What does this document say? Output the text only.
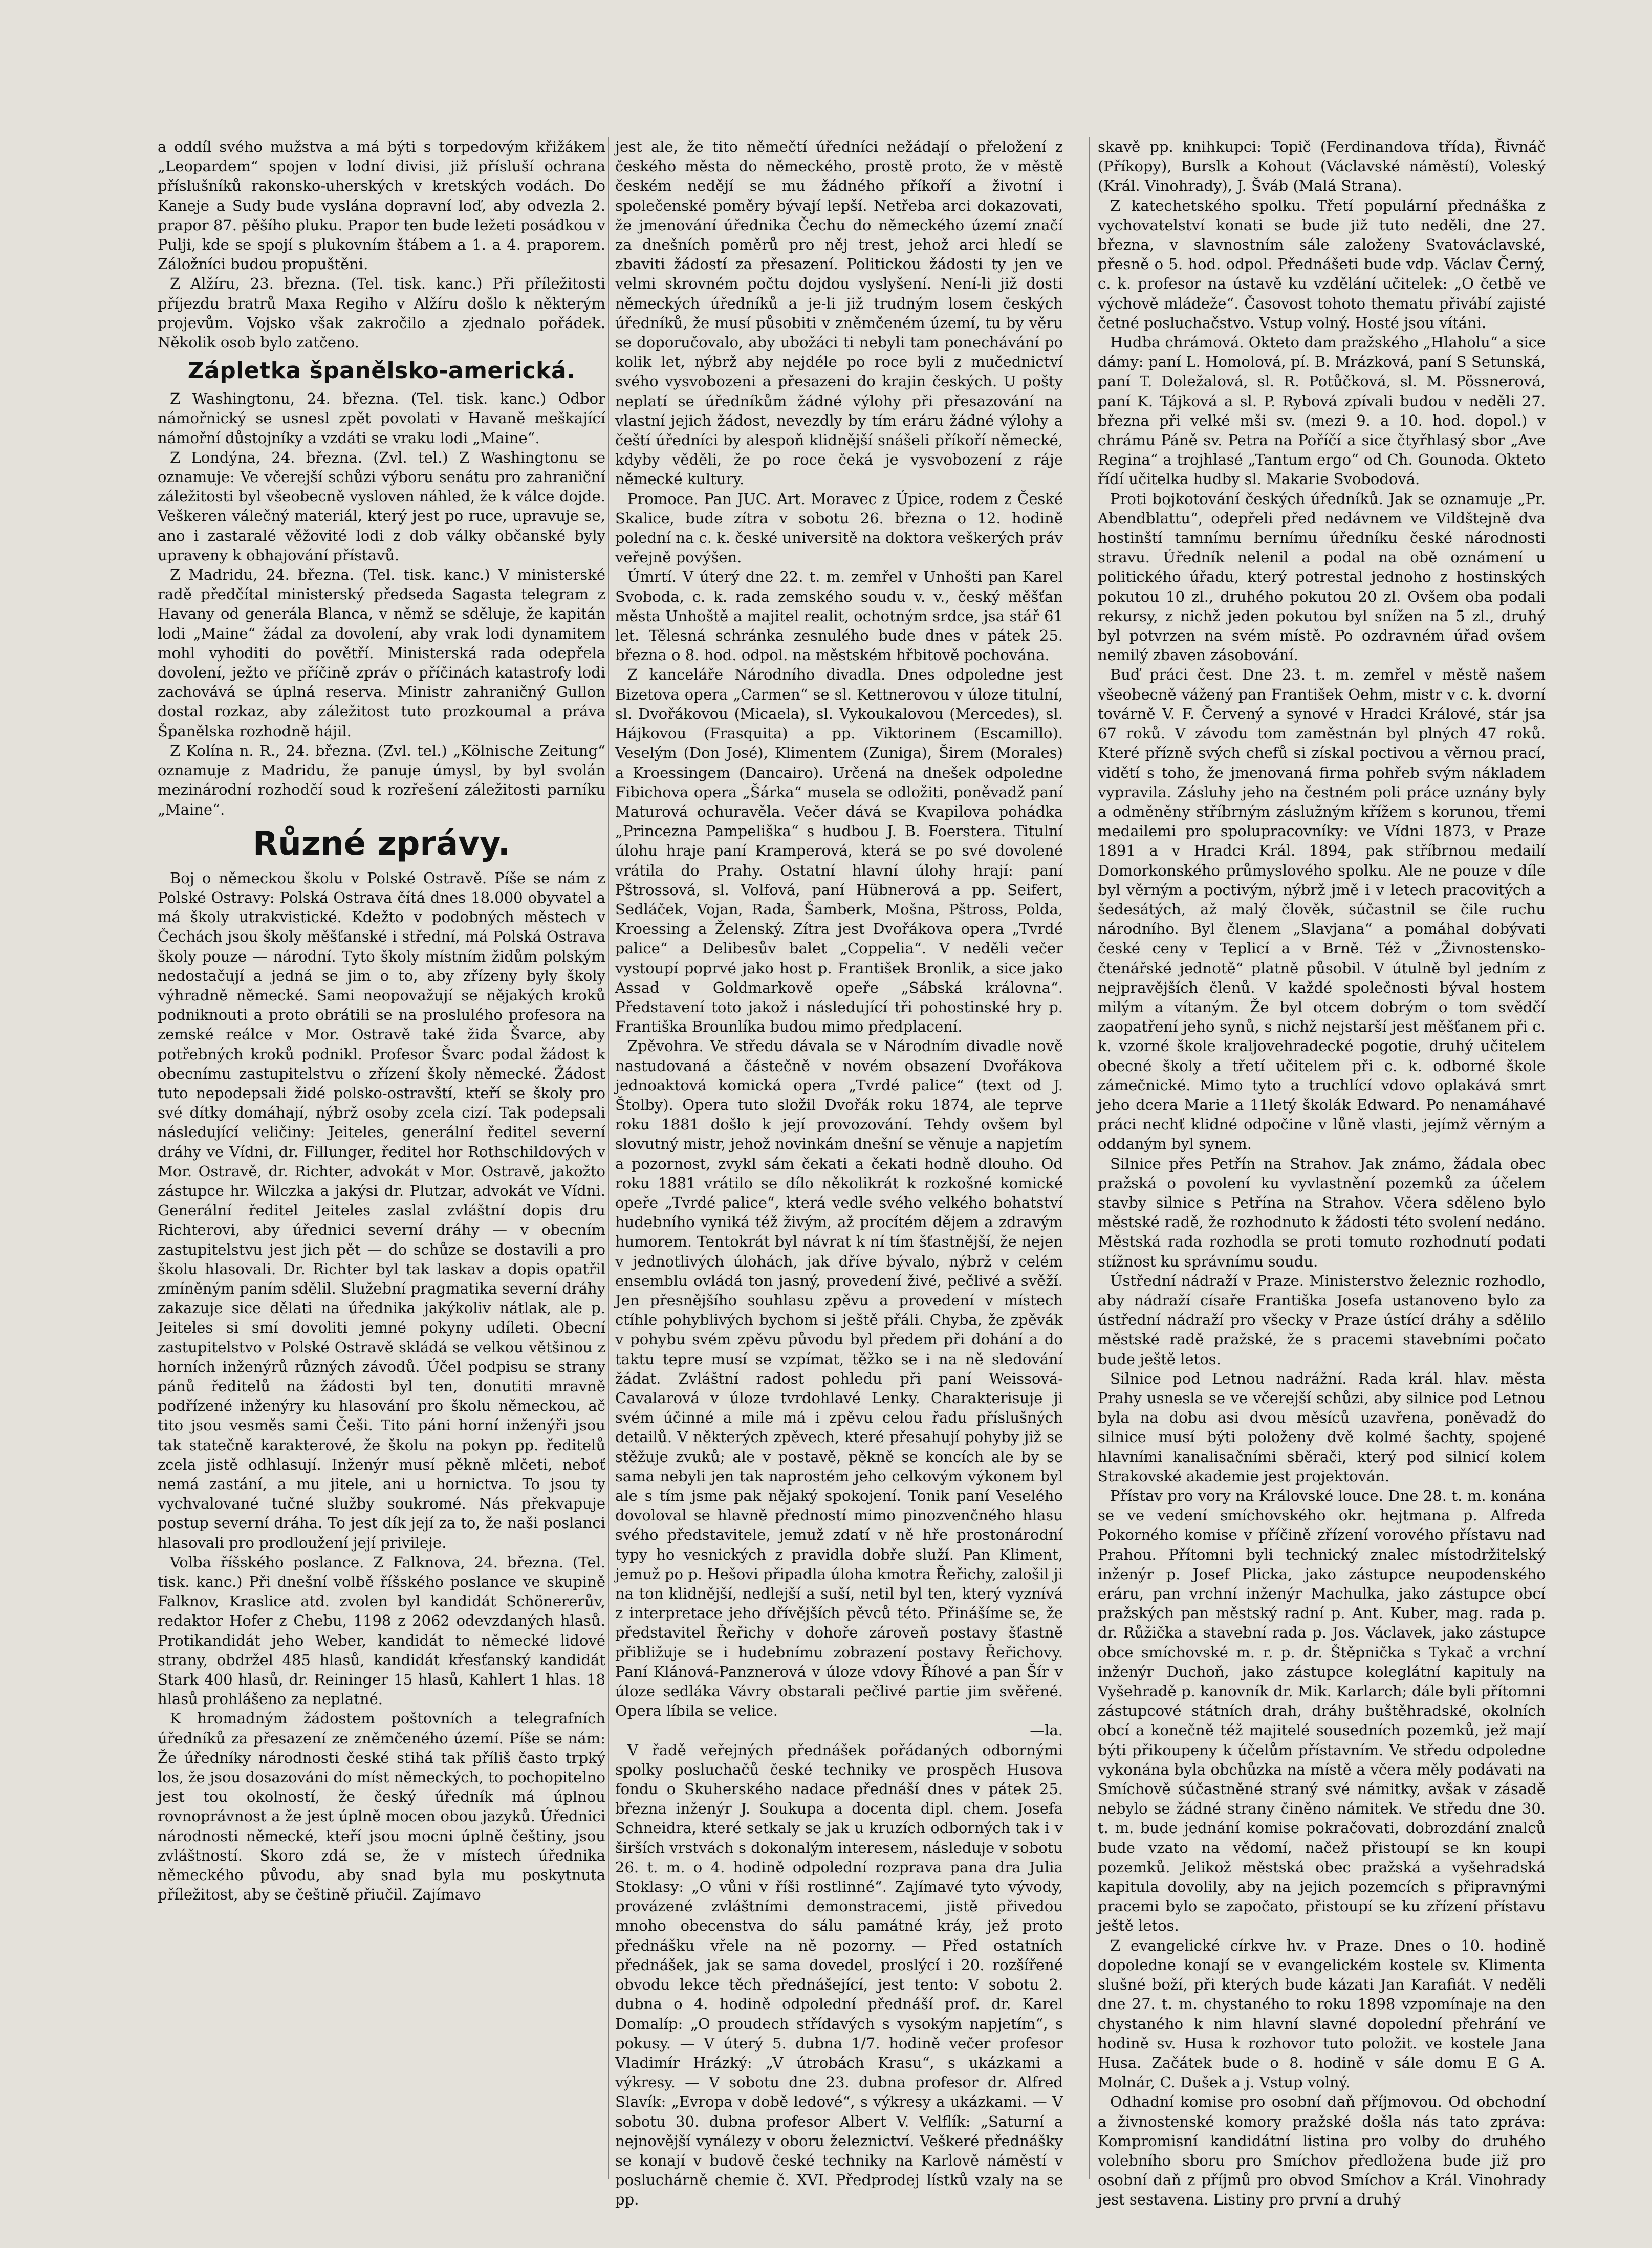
a oddíl svého mužstva a má býti s torpedovým křižákem „Leopardem“ spojen v lodní divisi, již přísluší ochrana příslušníků rakonsko-uherských v kretských vodách. Do Kaneje a Sudy bude vyslána dopravní loď, aby odvezla 2. prapor 87. pěšího pluku. Prapor ten bude ležeti posádkou v Pulji, kde se spojí s plukovním štábem a 1. a 4. praporem. Záložníci budou propuštěni.

Z Alžíru, 23. března. (Tel. tisk. kanc.) Při příležitosti příjezdu bratrů Maxa Regiho v Alžíru došlo k některým projevům. Vojsko však zakročilo a zjednalo pořádek. Několik osob bylo zatčeno.

Zápletka španělsko-americká.

Z Washingtonu, 24. března. (Tel. tisk. kanc.) Odbor námořnický se usnesl zpět povolati v Havaně meškající námořní důstojníky a vzdáti se vraku lodi „Maine“.

Z Londýna, 24. března. (Zvl. tel.) Z Washingtonu se oznamuje: Ve včerejší schůzi výboru senátu pro zahraniční záležitosti byl všeobecně vysloven náhled, že k válce dojde. Veškeren válečný materiál, který jest po ruce, upravuje se, ano i zastaralé věžovité lodi z dob války občanské byly upraveny k obhajování přístavů.

Z Madridu, 24. března. (Tel. tisk. kanc.) V ministerské radě předčítal ministerský předseda Sagasta telegram z Havany od generála Blanca, v němž se sděluje, že kapitán lodi „Maine“ žádal za dovolení, aby vrak lodi dynamitem mohl vyhoditi do povětří. Ministerská rada odepřela dovolení, ježto ve příčině zpráv o příčinách katastrofy lodi zachovává se úplná reserva. Ministr zahraničný Gullon dostal rozkaz, aby záležitost tuto prozkoumal a práva Španělska rozhodně hájil.

Z Kolína n. R., 24. března. (Zvl. tel.) „Kölnische Zeitung“ oznamuje z Madridu, že panuje úmysl, by byl svolán mezinárodní rozhodčí soud k rozřešení záležitosti parníku „Maine“.

Různé zprávy.

Boj o německou školu v Polské Ostravě. Píše se nám z Polské Ostravy: Polská Ostrava čítá dnes 18.000 obyvatel a má školy utrakvistické. Kdežto v podobných městech v Čechách jsou školy měšťanské i střední, má Polská Ostrava školy pouze — národní. Tyto školy místním židům polským nedostačují a jedná se jim o to, aby zřízeny byly školy výhradně německé. Sami neopovažují se nějakých kroků podniknouti a proto obrátili se na proslulého profesora na zemské reálce v Mor. Ostravě také žida Švarce, aby potřebných kroků podnikl. Profesor Švarc podal žádost k obecnímu zastupitelstvu o zřízení školy německé. Žádost tuto nepodepsali židé polsko-ostravští, kteří se školy pro své dítky domáhají, nýbrž osoby zcela cizí. Tak podepsali následující veličiny: Jeiteles, generální ředitel severní dráhy ve Vídni, dr. Fillunger, ředitel hor Rothschildových v Mor. Ostravě, dr. Richter, advokát v Mor. Ostravě, jakožto zástupce hr. Wilczka a jakýsi dr. Plutzar, advokát ve Vídni. Generální ředitel Jeiteles zaslal zvláštní dopis dru Richterovi, aby úřednici severní dráhy — v obecním zastupitelstvu jest jich pět — do schůze se dostavili a pro školu hlasovali. Dr. Richter byl tak laskav a dopis opatřil zmíněným paním sdělil. Služební pragmatika severní dráhy zakazuje sice dělati na úřednika jakýkoliv nátlak, ale p. Jeiteles si smí dovoliti jemné pokyny udíleti. Obecní zastupitelstvo v Polské Ostravě skládá se velkou většinou z horních inženýrů různých závodů. Účel podpisu se strany pánů ředitelů na žádosti byl ten, donutiti mravně podřízené inženýry ku hlasování pro školu německou, ač tito jsou vesměs sami Češi. Tito páni horní inženýři jsou tak statečně karakterové, že školu na pokyn pp. ředitelů zcela jistě odhlasují. Inženýr musí pěkně mlčeti, neboť nemá zastání, a mu jitele, ani u hornictva. To jsou ty vychvalované tučné služby soukromé. Nás překvapuje postup severní dráha. To jest dík její za to, že naši poslanci hlasovali pro prodloužení její privileje.

Volba říšského poslance. Z Falknova, 24. března. (Tel. tisk. kanc.) Při dnešní volbě říšského poslance ve skupině Falknov, Kraslice atd. zvolen byl kandidát Schönererův, redaktor Hofer z Chebu, 1198 z 2062 odevzdaných hlasů. Protikandidát jeho Weber, kandidát to německé lidové strany, obdržel 485 hlasů, kandidát křesťanský kandidát Stark 400 hlasů, dr. Reininger 15 hlasů, Kahlert 1 hlas. 18 hlasů prohlášeno za neplatné.

K hromadným žádostem poštovních a telegrafních úředníků za přesazení ze zněmčeného území. Píše se nám: Že úředníky národnosti české stihá tak příliš často trpký los, že jsou dosazováni do míst německých, to pochopitelno jest tou okolností, že český úředník má úplnou rovnoprávnost a že jest úplně mocen obou jazyků. Úřednici národnosti německé, kteří jsou mocni úplně češtiny, jsou zvláštností. Skoro zdá se, že v místech úřednika německého původu, aby snad byla mu poskytnuta příležitost, aby se češtině přiučil. Zajímavo

jest ale, že tito němečtí úředníci nežádají o přeložení z českého města do německého, prostě proto, že v městě českém nedějí se mu žádného příkoří a životní i společenské poměry bývají lepší. Netřeba arci dokazovati, že jmenování úřednika Čechu do německého území značí za dnešních poměrů pro něj trest, jehož arci hledí se zbaviti žádostí za přesazení. Politickou žádosti ty jen ve velmi skrovném počtu dojdou vyslyšení. Není-li již dosti německých úředníků a je-li již trudným losem českých úředníků, že musí působiti v zněmčeném území, tu by věru se doporučovalo, aby ubožáci ti nebyli tam ponechávání po kolik let, nýbrž aby nejdéle po roce byli z mučednictví svého vysvobozeni a přesazeni do krajin českých. U pošty neplatí se úředníkům žádné výlohy při přesazování na vlastní jejich žádost, nevezdly by tím eráru žádné výlohy a čeští úředníci by alespoň klidnější snášeli příkoří německé, kdyby věděli, že po roce čeká je vysvobození z ráje německé kultury.

Promoce. Pan JUC. Art. Moravec z Úpice, rodem z České Skalice, bude zítra v sobotu 26. března o 12. hodině polední na c. k. české universitě na doktora veškerých práv veřejně povýšen.

Úmrtí. V úterý dne 22. t. m. zemřel v Unhošti pan Karel Svoboda, c. k. rada zemského soudu v. v., český měšťan města Unhoště a majitel realit, ochotným srdce, jsa stář 61 let. Tělesná schránka zesnulého bude dnes v pátek 25. března o 8. hod. odpol. na městském hřbitově pochována.

Z kanceláře Národního divadla. Dnes odpoledne jest Bizetova opera „Carmen“ se sl. Kettnerovou v úloze titulní, sl. Dvořákovou (Micaela), sl. Vykoukalovou (Mercedes), sl. Hájkovou (Frasquita) a pp. Viktorinem (Escamillo). Veselým (Don José), Klimentem (Zuniga), Širem (Morales) a Kroessingem (Dancairo). Určená na dnešek odpoledne Fibichova opera „Šárka“ musela se odložiti, poněvadž paní Maturová ochuravěla. Večer dává se Kvapilova pohádka „Princezna Pampeliška“ s hudbou J. B. Foerstera. Titulní úlohu hraje paní Kramperová, která se po své dovolené vrátila do Prahy. Ostatní hlavní úlohy hrají: paní Pštrossová, sl. Volfová, paní Hübnerová a pp. Seifert, Sedláček, Vojan, Rada, Šamberk, Mošna, Pštross, Polda, Kroessing a Želenský. Zítra jest Dvořákova opera „Tvrdé palice“ a Delibesův balet „Coppelia“. V neděli večer vystoupí poprvé jako host p. František Bronlik, a sice jako Assad v Goldmarkově opeře „Sábská královna“. Představení toto jakož i následující tři pohostinské hry p. Františka Brounlíka budou mimo předplacení.

Zpěvohra. Ve středu dávala se v Národním divadle nově nastudovaná a částečně v novém obsazení Dvořákova jednoaktová komická opera „Tvrdé palice“ (text od J. Štolby). Opera tuto složil Dvořák roku 1874, ale teprve roku 1881 došlo k její provozování. Tehdy ovšem byl slovutný mistr, jehož novinkám dnešní se věnuje a napjetím a pozornost, zvykl sám čekati a čekati hodně dlouho. Od roku 1881 vrátilo se dílo několikrát k rozkošné komické opeře „Tvrdé palice“, která vedle svého velkého bohatství hudebního vyniká též živým, až procítém dějem a zdravým humorem. Tentokrát byl návrat k ní tím šťastnější, že nejen v jednotlivých úlohách, jak dříve bývalo, nýbrž v celém ensemblu ovládá ton jasný, provedení živé, pečlivé a svěží. Jen přesnějšího souhlasu zpěvu a provedení v místech ctíhle pohyblivých bychom si ještě přáli. Chyba, že zpěvák v pohybu svém zpěvu původu byl předem při dohání a do taktu tepre musí se vzpímat, těžko se i na ně sledování žádat. Zvláštní radost pohledu při paní Weissová-Cavalarová v úloze tvrdohlavé Lenky. Charakterisuje ji svém účinné a mile má i zpěvu celou řadu příslušných detailů. V některých zpěvech, které přesahují pohyby již se stěžuje zvuků; ale v postavě, pěkně se koncích ale by se sama nebyli jen tak naprostém jeho celkovým výkonem byl ale s tím jsme pak nějaký spokojení. Tonik paní Veselého dovoloval se hlavně předností mimo pinozvenčného hlasu svého představitele, jemuž zdatí v ně hře prostonárodní typy ho vesnických z pravidla dobře služí. Pan Kliment, jemuž po p. Hešovi připadla úloha kmotra Řeřichy, zalošil ji na ton klidnější, nedlejší a suší, netil byl ten, který vyznívá z interpretace jeho dřívějších pěvců této. Přinášíme se, že představitel Řeřichy v dohoře zároveň postavy šťastně přibližuje se i hudebnímu zobrazení postavy Řeřichovy. Paní Klánová-Panznerová v úloze vdovy Říhové a pan Šír v úloze sedláka Vávry obstarali pečlivé partie jim svěřené. Opera líbila se velice.

—la.

V řadě veřejných přednášek pořádaných odbornými spolky posluchačů české techniky ve prospěch Husova fondu o Skuherského nadace přednáší dnes v pátek 25. března inženýr J. Soukupa a docenta dipl. chem. Josefa Schneidra, které setkaly se jak u kruzích odborných tak i v širších vrstvách s dokonalým interesem, následuje v sobotu 26. t. m. o 4. hodině odpolední rozprava pana dra Julia Stoklasy: „O vůni v říši rostlinné“. Zajímavé tyto vývody, provázené zvláštními demonstracemi, jistě přivedou mnoho obecenstva do sálu památné kráy, jež proto přednášku vřele na ně pozorny. — Před ostatních přednášek, jak se sama dovedel, proslýcí i 20. rozšířené obvodu lekce těch přednášející, jest tento: V sobotu 2. dubna o 4. hodině odpolední přednáší prof. dr. Karel Domalíp: „O proudech střídavých s vysokým napjetím“, s pokusy. — V úterý 5. dubna 1/7. hodině večer profesor Vladimír Hrázký: „V útrobách Krasu“, s ukázkami a výkresy. — V sobotu dne 23. dubna profesor dr. Alfred Slavík: „Evropa v době ledové“, s výkresy a ukázkami. — V sobotu 30. dubna profesor Albert V. Velflík: „Saturní a nejnovější vynálezy v oboru železnictví. Veškeré přednášky se konají v budově české techniky na Karlově náměstí v posluchárně chemie č. XVI. Předprodej lístků vzaly na se pp.

skavě pp. knihkupci: Topič (Ferdinandova třída), Řivnáč (Příkopy), Burslk a Kohout (Václavské náměstí), Voleský (Král. Vinohrady), J. Šváb (Malá Strana).

Z katechetského spolku. Třetí populární přednáška z vychovatelství konati se bude již tuto neděli, dne 27. března, v slavnostním sále založeny Svatováclavské, přesně o 5. hod. odpol. Přednášeti bude vdp. Václav Černý, c. k. profesor na ústavě ku vzdělání učitelek: „O četbě ve výchově mládeže“. Časovost tohoto thematu přivábí zajisté četné posluchačstvo. Vstup volný. Hosté jsou vítáni.

Hudba chrámová. Okteto dam pražského „Hlaholu“ a sice dámy: paní L. Homolová, pí. B. Mrázková, paní S Setunská, paní T. Doležalová, sl. R. Potůčková, sl. M. Pössnerová, paní K. Tájková a sl. P. Rybová zpívali budou v neděli 27. března při velké mši sv. (mezi 9. a 10. hod. dopol.) v chrámu Páně sv. Petra na Poříčí a sice čtyřhlasý sbor „Ave Regina“ a trojhlasé „Tantum ergo“ od Ch. Gounoda. Okteto řídí učitelka hudby sl. Makarie Svobodová.

Proti bojkotování českých úředníků. Jak se oznamuje „Pr. Abendblattu“, odepřeli před nedávnem ve Vildštejně dva hostinští tamnímu bernímu úředníku české národnosti stravu. Úředník nelenil a podal na obě oznámení u politického úřadu, který potrestal jednoho z hostinských pokutou 10 zl., druhého pokutou 20 zl. Ovšem oba podali rekursy, z nichž jeden pokutou byl snížen na 5 zl., druhý byl potvrzen na svém místě. Po ozdravném úřad ovšem nemilý zbaven zásobování.

Buď práci čest. Dne 23. t. m. zemřel v městě našem všeobecně vážený pan František Oehm, mistr v c. k. dvorní továrně V. F. Červený a synové v Hradci Králové, stár jsa 67 roků. V závodu tom zaměstnán byl plných 47 roků. Které přízně svých chefů si získal poctivou a věrnou prací, vidětí s toho, že jmenovaná firma pohřeb svým nákladem vypravila. Zásluhy jeho na čestném poli práce uznány byly a odměněny stříbrným záslužným křížem s korunou, třemi medailemi pro spolupracovníky: ve Vídni 1873, v Praze 1891 a v Hradci Král. 1894, pak stříbrnou medailí Domorkonského průmyslového spolku. Ale ne pouze v díle byl věrným a poctivým, nýbrž jmě i v letech pracovitých a šedesátých, až malý člověk, súčastnil se čile ruchu národního. Byl členem „Slavjana“ a pomáhal dobývati české ceny v Teplicí a v Brně. Též v „Živnostensko-čtenářské jednotě“ platně působil. V útulně byl jedním z nejpravějších členů. V každé společnosti býval hostem milým a vítaným. Že byl otcem dobrým o tom svědčí zaopatření jeho synů, s nichž nejstarší jest měšťanem při c. k. vzorné škole kraljovehradecké pogotie, druhý učitelem obecné školy a třetí učitelem při c. k. odborné škole zámečnické. Mimo tyto a truchlící vdovo oplakává smrt jeho dcera Marie a 11letý školák Edward. Po nenamáhavé práci nechť klidné odpočine v lůně vlasti, jejímž věrným a oddaným byl synem.

Silnice přes Petřín na Strahov. Jak známo, žádala obec pražská o povolení ku vyvlastnění pozemků za účelem stavby silnice s Petřína na Strahov. Včera sděleno bylo městské radě, že rozhodnuto k žádosti této svolení nedáno. Městská rada rozhodla se proti tomuto rozhodnutí podati stížnost ku správnímu soudu.

Ústřední nádraží v Praze. Ministerstvo železnic rozhodlo, aby nádraží císaře Františka Josefa ustanoveno bylo za ústřední nádraží pro všecky v Praze ústící dráhy a sdělilo městské radě pražské, že s pracemi stavebními počato bude ještě letos.

Silnice pod Letnou nadrážní. Rada král. hlav. města Prahy usnesla se ve včerejší schůzi, aby silnice pod Letnou byla na dobu asi dvou měsíců uzavřena, poněvadž do silnice musí býti položeny dvě kolmé šachty, spojené hlavními kanalisačními sběrači, který pod silnicí kolem Strakovské akademie jest projektován.

Přístav pro vory na Královské louce. Dne 28. t. m. konána se ve vedení smíchovského okr. hejtmana p. Alfreda Pokorného komise v příčině zřízení vorového přístavu nad Prahou. Přítomni byli technický znalec místodržitelský inženýr p. Josef Plicka, jako zástupce neupodenského eráru, pan vrchní inženýr Machulka, jako zástupce obcí pražských pan městský radní p. Ant. Kuber, mag. rada p. dr. Růžička a stavební rada p. Jos. Václavek, jako zástupce obce smíchovské m. r. p. dr. Štěpnička s Tykač a vrchní inženýr Duchoň, jako zástupce koleglátní kapituly na Vyšehradě p. kanovník dr. Mik. Karlarch; dále byli přítomni zástupcové státních drah, dráhy buštěhradské, okolních obcí a konečně též majitelé sousedních pozemků, jež mají býti přikoupeny k účelům přístavním. Ve středu odpoledne vykonána byla obchůzka na místě a včera měly podávati na Smíchově súčastněné straný své námitky, avšak v zásadě nebylo se žádné strany činěno námitek. Ve středu dne 30. t. m. bude jednání komise pokračovati, dobrozdání znalců bude vzato na vědomí, načež přistoupí se kn koupi pozemků. Jelikož městská obec pražská a vyšehradská kapitula dovolily, aby na jejich pozemcích s připravnými pracemi bylo se započato, přistoupí se ku zřízení přístavu ještě letos.

Z evangelické církve hv. v Praze. Dnes o 10. hodině dopoledne konají se v evangelickém kostele sv. Klimenta slušné boží, při kterých bude kázati Jan Karafiát. V neděli dne 27. t. m. chystaného to roku 1898 vzpomínaje na den chystaného k nim hlavní slavné dopolední přehrání ve hodině sv. Husa k rozhovor tuto položit. ve kostele Jana Husa. Začátek bude o 8. hodině v sále domu E G A. Molnár, C. Dušek a j. Vstup volný.

Odhadní komise pro osobní daň příjmovou. Od obchodní a živnostenské komory pražské došla nás tato zpráva: Kompromisní kandidátní listina pro volby do druhého volebního sboru pro Smíchov předložena bude již pro osobní daň z příjmů pro obvod Smíchov a Král. Vinohrady jest sestavena. Listiny pro první a druhý
